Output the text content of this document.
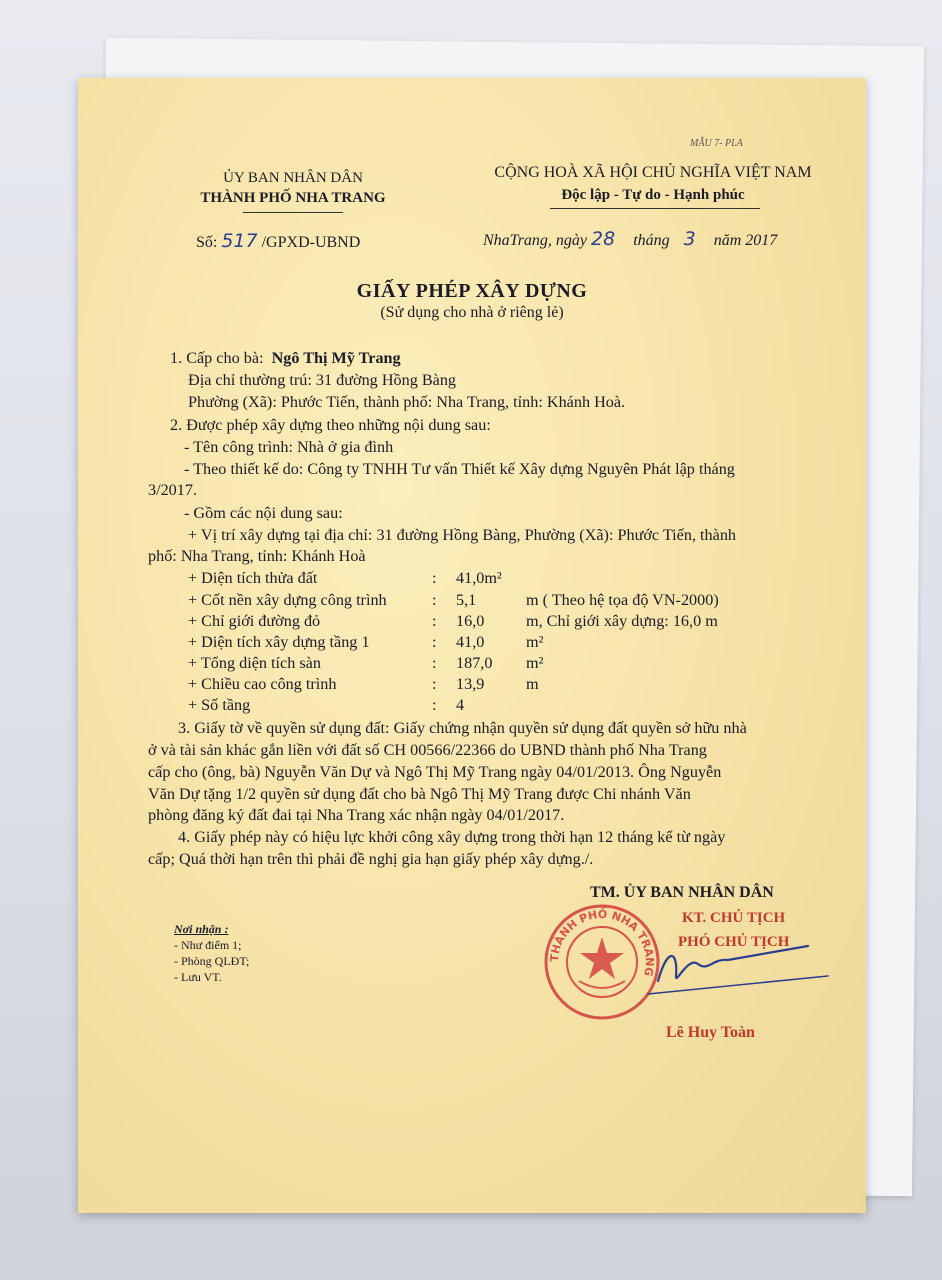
MẪU 7- PLA
ỦY BAN NHÂN DÂN
THÀNH PHỐ NHA TRANG
CỘNG HOÀ XÃ HỘI CHỦ NGHĨA VIỆT NAM
Độc lập - Tự do - Hạnh phúc
Số: 517 /GPXD-UBND	NhaTrang, ngày 28 tháng 3 năm 2017
GIẤY PHÉP XÂY DỰNG
(Sử dụng cho nhà ở riêng lẻ)
1. Cấp cho bà: Ngô Thị Mỹ Trang
Địa chỉ thường trú: 31 đường Hồng Bàng
Phường (Xã): Phước Tiến, thành phố: Nha Trang, tỉnh: Khánh Hoà.
2. Được phép xây dựng theo những nội dung sau:
- Tên công trình: Nhà ở gia đình
- Theo thiết kế do: Công ty TNHH Tư vấn Thiết kế Xây dựng Nguyên Phát lập tháng
3/2017.
- Gồm các nội dung sau:
+ Vị trí xây dựng tại địa chỉ: 31 đường Hồng Bàng, Phường (Xã): Phước Tiến, thành
phố: Nha Trang, tỉnh: Khánh Hoà
+ Diện tích thửa đất	: 41,0m²
+ Cốt nền xây dựng công trình	: 5,1	m ( Theo hệ tọa độ VN-2000)
+ Chỉ giới đường đỏ	: 16,0	m, Chỉ giới xây dựng: 16,0 m
+ Diện tích xây dựng tầng 1	: 41,0	m²
+ Tổng diện tích sàn	: 187,0 m²
+ Chiều cao công trình	: 13,9	m
+ Số tầng	: 4
3. Giấy tờ về quyền sử dụng đất: Giấy chứng nhận quyền sử dụng đất quyền sở hữu nhà
ở và tài sản khác gắn liền với đất số CH 00566/22366 do UBND thành phố Nha Trang
cấp cho (ông, bà) Nguyễn Văn Dự và Ngô Thị Mỹ Trang ngày 04/01/2013. Ông Nguyễn
Văn Dự tặng 1/2 quyền sử dụng đất cho bà Ngô Thị Mỹ Trang được Chi nhánh Văn
phòng đăng ký đất đai tại Nha Trang xác nhận ngày 04/01/2017.
4. Giấy phép này có hiệu lực khởi công xây dựng trong thời hạn 12 tháng kể từ ngày
cấp; Quá thời hạn trên thì phải đề nghị gia hạn giấy phép xây dựng./.
Nơi nhận :
- Như điểm 1;
- Phòng QLĐT;
- Lưu VT.
TM. ỦY BAN NHÂN DÂN
KT. CHỦ TỊCH
PHÓ CHỦ TỊCH
THÀNH PHỐ NHA TRANG
Lê Huy Toàn
